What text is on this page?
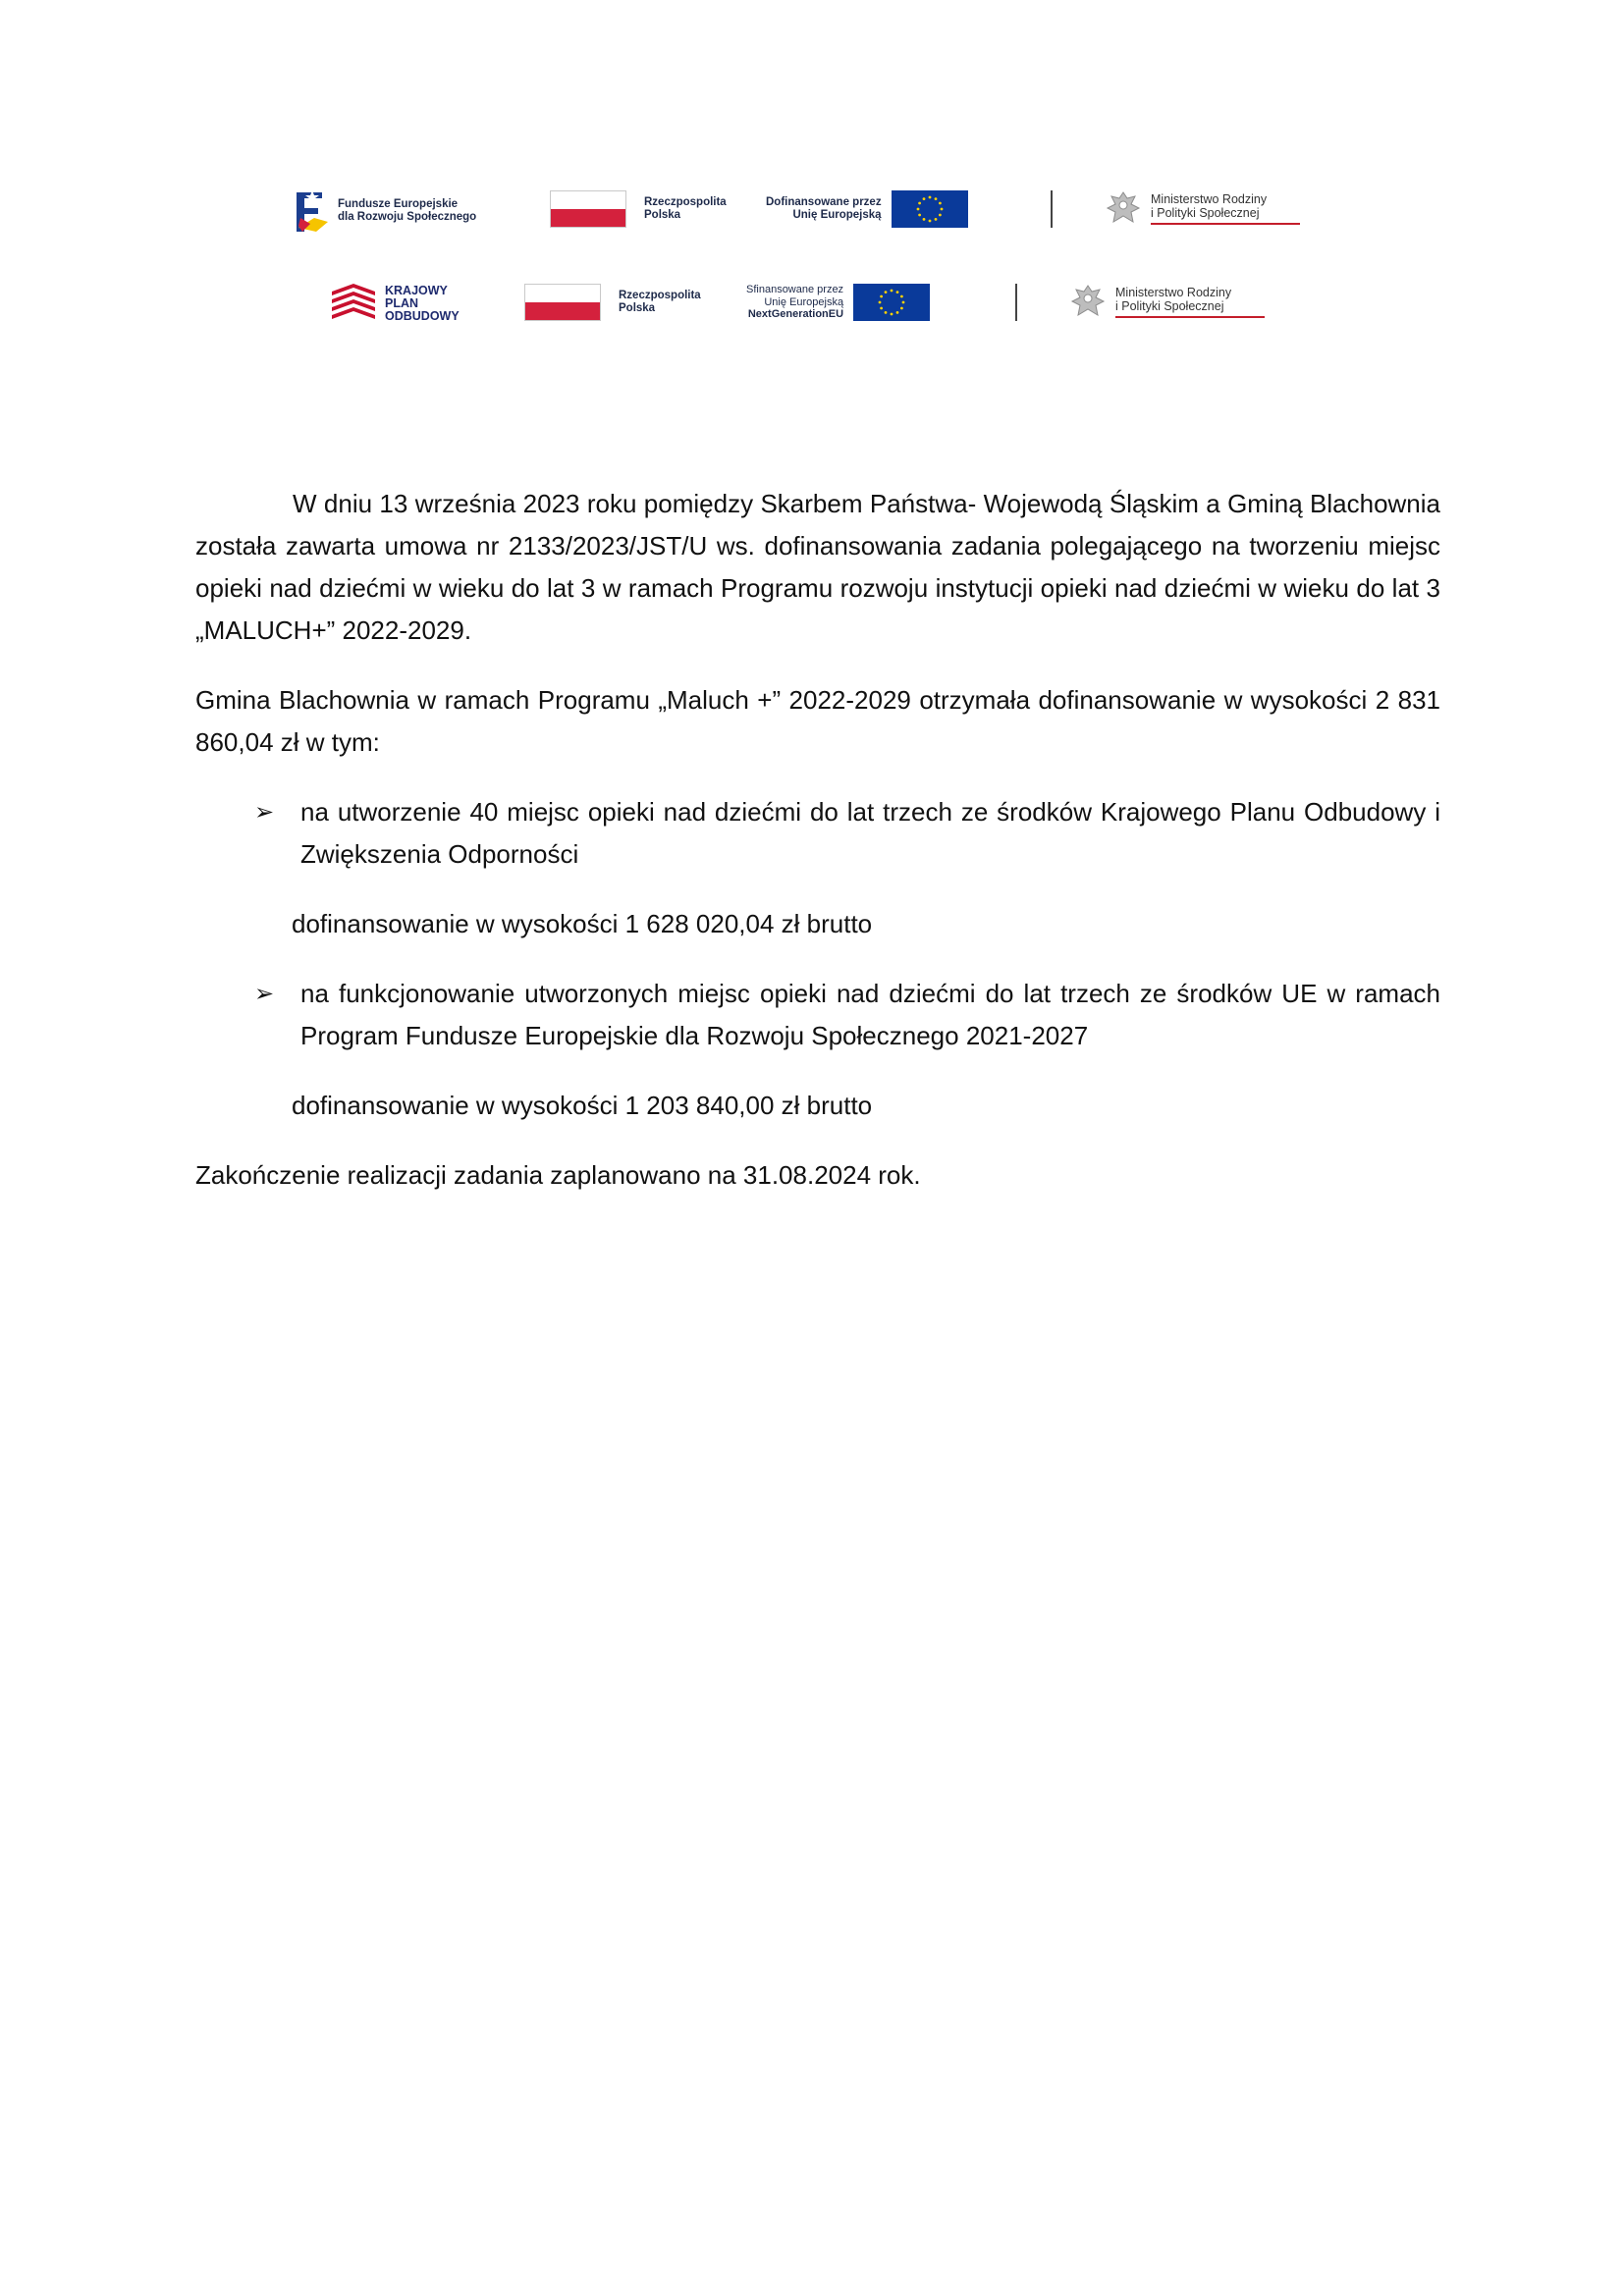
Fundusze Europejskie
dla Rozwoju Społecznego
Rzeczpospolita
Polska
Dofinansowane przez
Unię Europejską
Ministerstwo Rodziny
i Polityki Społecznej
KRAJOWY
PLAN
ODBUDOWY
Rzeczpospolita
Polska
Sfinansowane przez
Unię Europejską
NextGenerationEU
Ministerstwo Rodziny
i Polityki Społecznej

W dniu 13 września 2023 roku pomiędzy Skarbem Państwa- Wojewodą Śląskim a Gminą Blachownia została zawarta umowa nr 2133/2023/JST/U ws. dofinansowania zadania polegającego na tworzeniu miejsc opieki nad dziećmi w wieku do lat 3 w ramach Programu rozwoju instytucji opieki nad dziećmi w wieku do lat 3 „MALUCH+” 2022-2029.

Gmina Blachownia w ramach Programu „Maluch +” 2022-2029 otrzymała dofinansowanie w wysokości 2 831 860,04 zł w tym:

➢ na utworzenie 40 miejsc opieki nad dziećmi do lat trzech ze środków Krajowego Planu Odbudowy i Zwiększenia Odporności
dofinansowanie w wysokości 1 628 020,04 zł brutto
➢ na funkcjonowanie utworzonych miejsc opieki nad dziećmi do lat trzech ze środków UE w ramach Program Fundusze Europejskie dla Rozwoju Społecznego 2021-2027
dofinansowanie w wysokości 1 203 840,00 zł brutto

Zakończenie realizacji zadania zaplanowano na 31.08.2024 rok.
